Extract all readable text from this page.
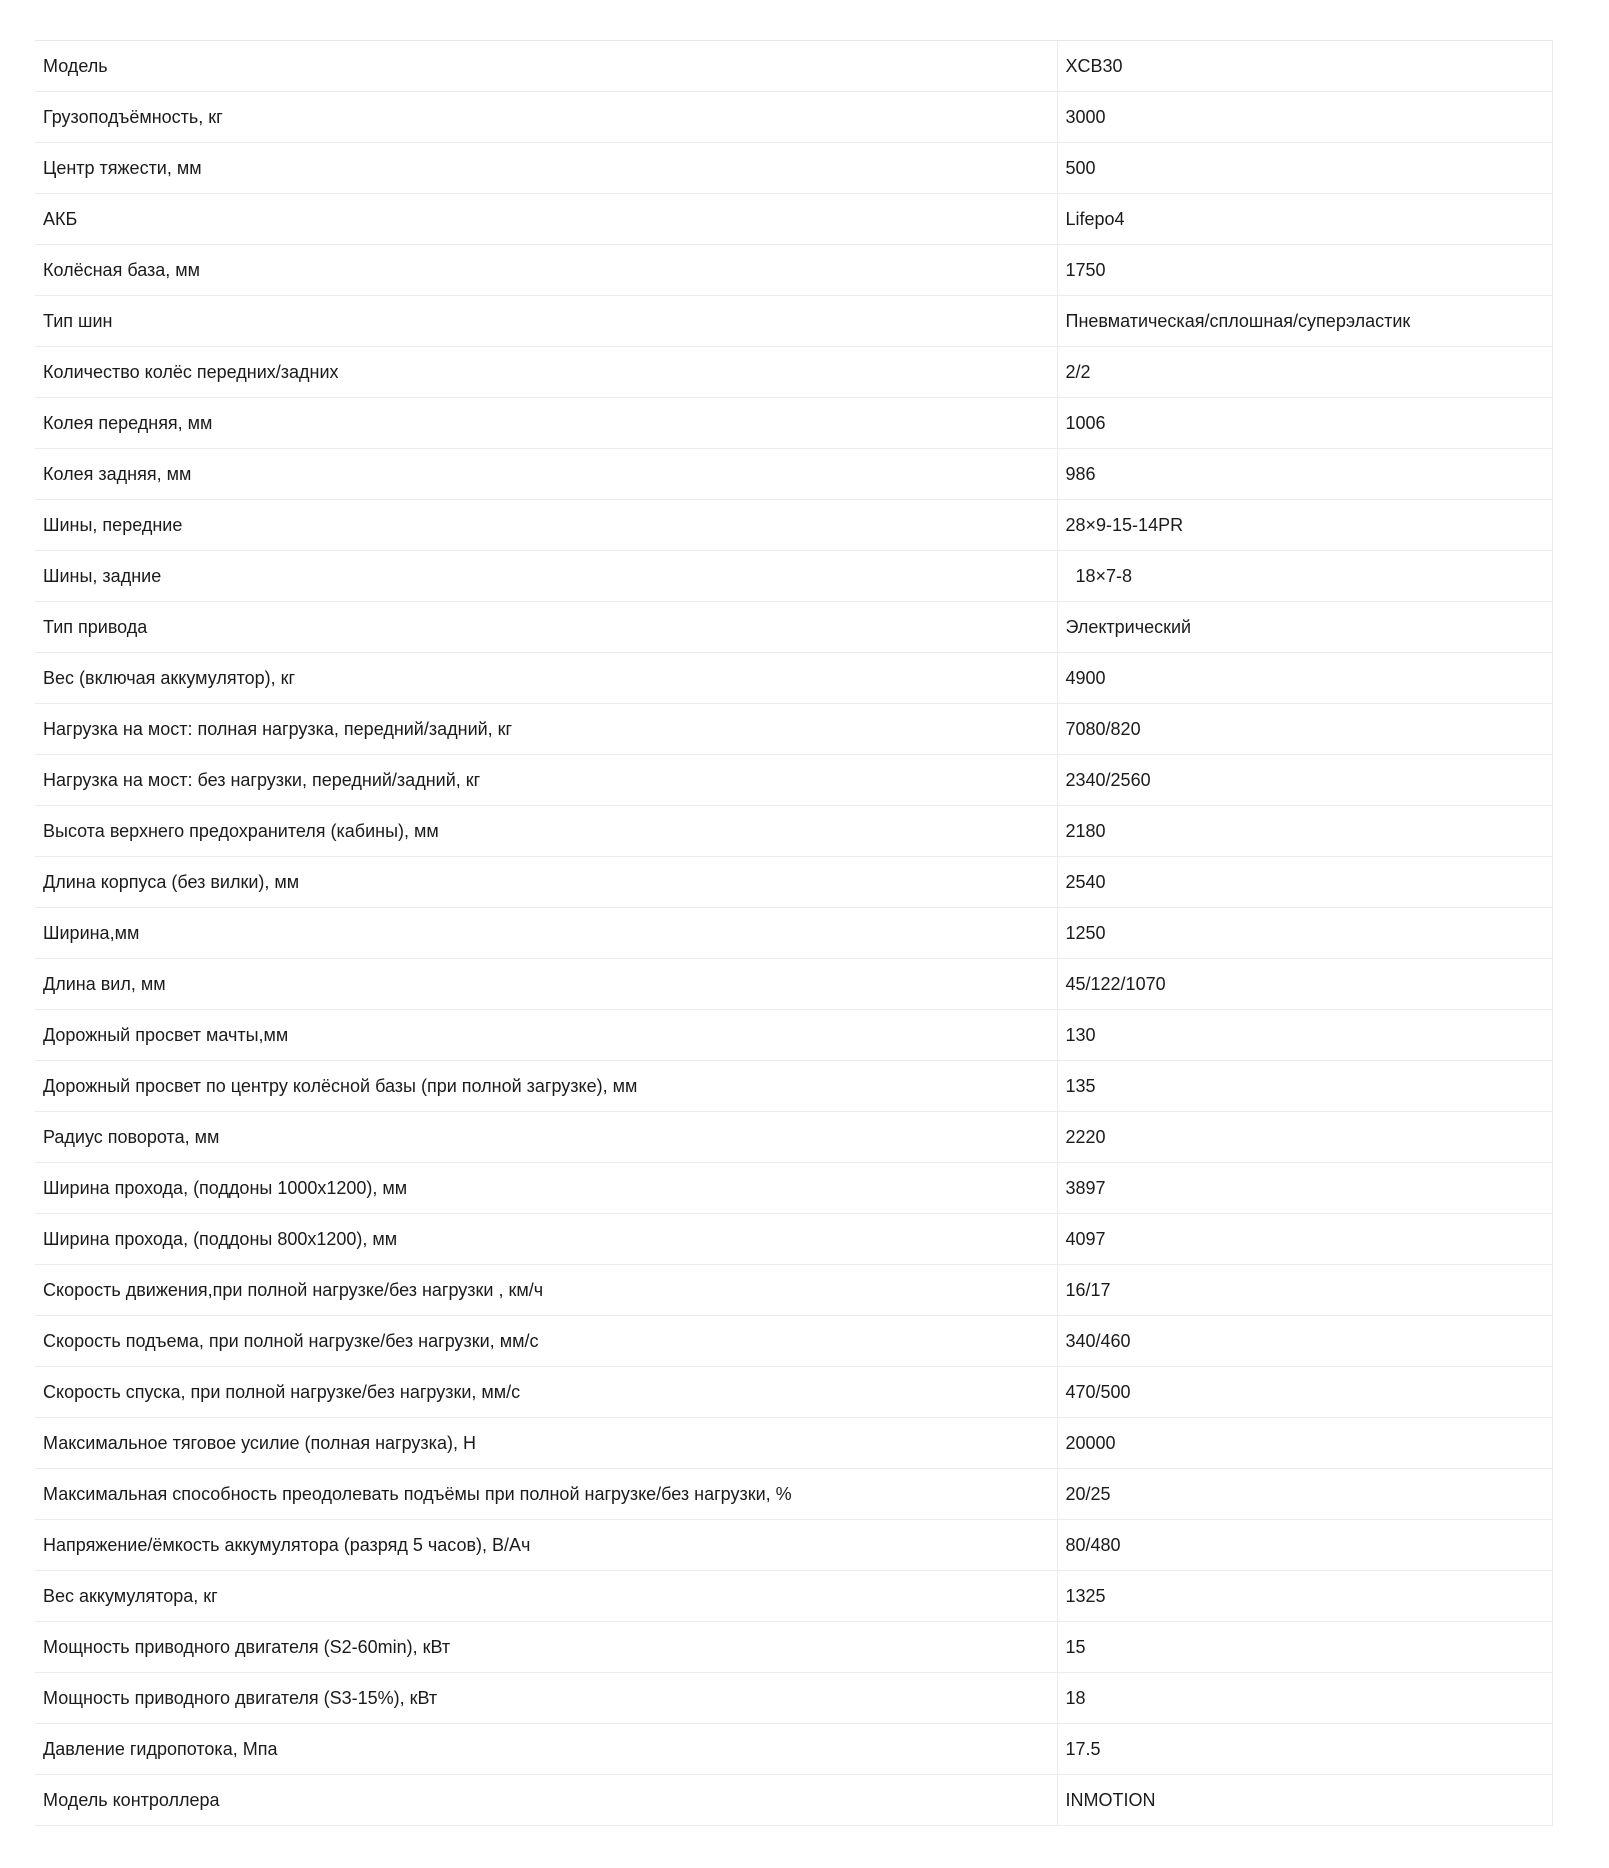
Модель	XCB30
Грузоподъёмность, кг	3000
Центр тяжести, мм	500
АКБ	Lifepo4
Колёсная база, мм	1750
Тип шин	Пневматическая/сплошная/суперэластик
Количество колёс передних/задних	2/2
Колея передняя, мм	1006
Колея задняя, мм	986
Шины, передние	28×9-15-14PR
Шины, задние	18×7-8
Тип привода	Электрический
Вес (включая аккумулятор), кг	4900
Нагрузка на мост: полная нагрузка, передний/задний, кг	7080/820
Нагрузка на мост: без нагрузки, передний/задний, кг	2340/2560
Высота верхнего предохранителя (кабины), мм	2180
Длина корпуса (без вилки), мм	2540
Ширина,мм	1250
Длина вил, мм	45/122/1070
Дорожный просвет мачты,мм	130
Дорожный просвет по центру колёсной базы (при полной загрузке), мм	135
Радиус поворота, мм	2220
Ширина прохода, (поддоны 1000х1200), мм	3897
Ширина прохода, (поддоны 800х1200), мм	4097
Скорость движения,при полной нагрузке/без нагрузки , км/ч	16/17
Скорость подъема, при полной нагрузке/без нагрузки, мм/с	340/460
Скорость спуска, при полной нагрузке/без нагрузки, мм/с	470/500
Максимальное тяговое усилие (полная нагрузка), Н	20000
Максимальная способность преодолевать подъёмы при полной нагрузке/без нагрузки, %	20/25
Напряжение/ёмкость аккумулятора (разряд 5 часов), В/Ач	80/480
Вес аккумулятора, кг	1325
Мощность приводного двигателя (S2-60min), кВт	15
Мощность приводного двигателя (S3-15%), кВт	18
Давление гидропотока, Мпа	17.5
Модель контроллера	INMOTION
